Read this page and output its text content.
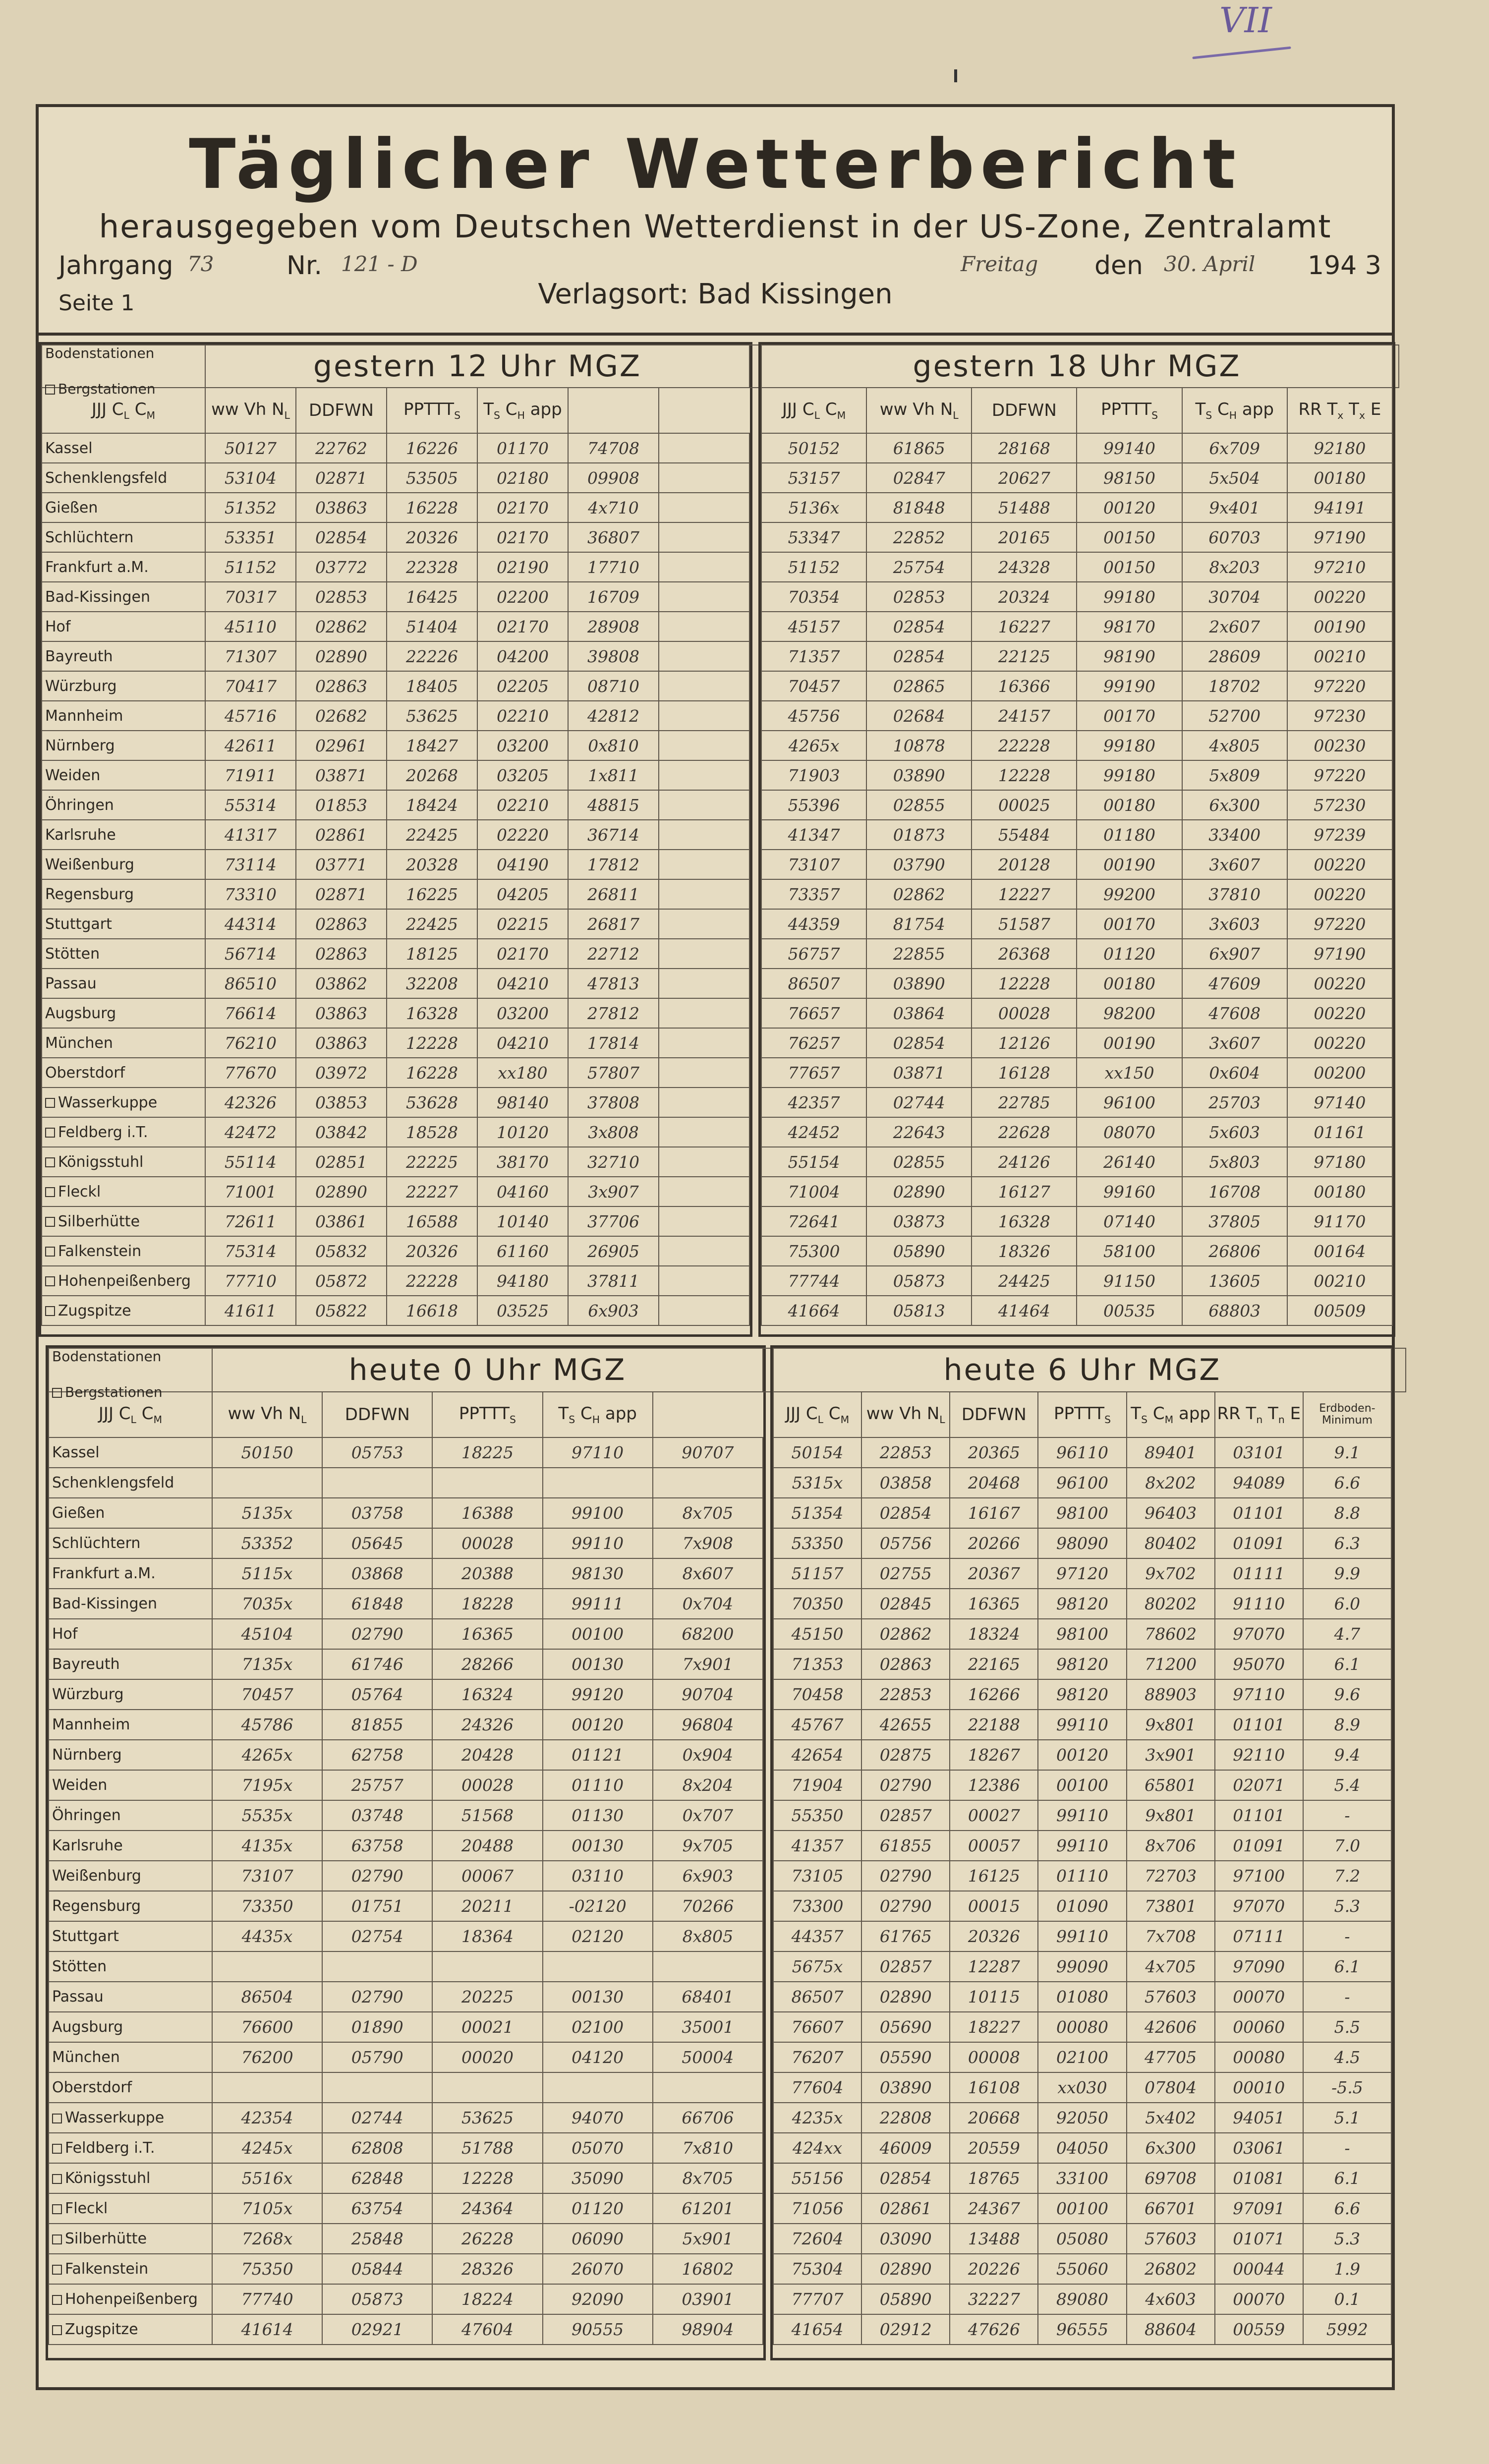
VII
Täglicher Wetterbericht
herausgegeben vom Deutschen Wetterdienst in der US-Zone, Zentralamt
Jahrgang 73	Nr. 121 - D
Seite 1
Freitag den 30. April 194 3
Verlagsort: Bad Kissingen
Bodenstationen
Bergstationen
gestern 12 Uhr MGZ					
JJJ $C_L$ $C_M$	ww Vh $N_L$	DDFWN	$PPTTT_S$	$T_S$ $C_H$ app		
Kassel	50127	22762	16226	01170	74708	
Schenklengsfeld	53104	02871	53505	02180	09908	
Gießen	51352	03863	16228	02170	4x710	
Schlüchtern	53351	02854	20326	02170	36807	
Frankfurt a.M.	51152	03772	22328	02190	17710	
Bad-Kissingen	70317	02853	16425	02200	16709	
Hof	45110	02862	51404	02170	28908	
Bayreuth	71307	02890	22226	04200	39808	
Würzburg	70417	02863	18405	02205	08710	
Mannheim	45716	02682	53625	02210	42812	
Nürnberg	42611	02961	18427	03200	0x810	
Weiden	71911	03871	20268	03205	1x811	
Öhringen	55314	01853	18424	02210	48815	
Karlsruhe	41317	02861	22425	02220	36714	
Weißenburg	73114	03771	20328	04190	17812	
Regensburg	73310	02871	16225	04205	26811	
Stuttgart	44314	02863	22425	02215	26817	
Stötten	56714	02863	18125	02170	22712	
Passau	86510	03862	32208	04210	47813	
Augsburg	76614	03863	16328	03200	27812	
München	76210	03863	12228	04210	17814	
Oberstdorf	77670	03972	16228	xx180	57807	
Wasserkuppe	42326	03853	53628	98140	37808	
Feldberg i.T.	42472	03842	18528	10120	3x808	
Königsstuhl	55114	02851	22225	38170	32710	
Fleckl	71001	02890	22227	04160	3x907	
Silberhütte	72611	03861	16588	10140	37706	
Falkenstein	75314	05832	20326	61160	26905	
Hohenpeißenberg	77710	05872	22228	94180	37811	
Zugspitze	41611	05822	16618	03525	6x903	
gestern 18 Uhr MGZ					
JJJ $C_L$ $C_M$	ww Vh $N_L$	DDFWN	$PPTTT_S$	$T_S$ $C_H$ app	RR $T_x$ $T_x$ E
50152	61865	28168	99140	6x709	92180
53157	02847	20627	98150	5x504	00180
5136x	81848	51488	00120	9x401	94191
53347	22852	20165	00150	60703	97190
51152	25754	24328	00150	8x203	97210
70354	02853	20324	99180	30704	00220
45157	02854	16227	98170	2x607	00190
71357	02854	22125	98190	28609	00210
70457	02865	16366	99190	18702	97220
45756	02684	24157	00170	52700	97230
4265x	10878	22228	99180	4x805	00230
71903	03890	12228	99180	5x809	97220
55396	02855	00025	00180	6x300	57230
41347	01873	55484	01180	33400	97239
73107	03790	20128	00190	3x607	00220
73357	02862	12227	99200	37810	00220
44359	81754	51587	00170	3x603	97220
56757	22855	26368	01120	6x907	97190
86507	03890	12228	00180	47609	00220
76657	03864	00028	98200	47608	00220
76257	02854	12126	00190	3x607	00220
77657	03871	16128	xx150	0x604	00200
42357	02744	22785	96100	25703	97140
42452	22643	22628	08070	5x603	01161
55154	02855	24126	26140	5x803	97180
71004	02890	16127	99160	16708	00180
72641	03873	16328	07140	37805	91170
75300	05890	18326	58100	26806	00164
77744	05873	24425	91150	13605	00210
41664	05813	41464	00535	68803	00509
Bodenstationen
Bergstationen
heute 0 Uhr MGZ				
JJJ $C_L$ $C_M$	ww Vh $N_L$	DDFWN	$PPTTT_S$	$T_S$ $C_H$ app	
Kassel	50150	05753	18225	97110	90707
Schenklengsfeld					
Gießen	5135x	03758	16388	99100	8x705
Schlüchtern	53352	05645	00028	99110	7x908
Frankfurt a.M.	5115x	03868	20388	98130	8x607
Bad-Kissingen	7035x	61848	18228	99111	0x704
Hof	45104	02790	16365	00100	68200
Bayreuth	7135x	61746	28266	00130	7x901
Würzburg	70457	05764	16324	99120	90704
Mannheim	45786	81855	24326	00120	96804
Nürnberg	4265x	62758	20428	01121	0x904
Weiden	7195x	25757	00028	01110	8x204
Öhringen	5535x	03748	51568	01130	0x707
Karlsruhe	4135x	63758	20488	00130	9x705
Weißenburg	73107	02790	00067	03110	6x903
Regensburg	73350	01751	20211	-02120	70266
Stuttgart	4435x	02754	18364	02120	8x805
Stötten					
Passau	86504	02790	20225	00130	68401
Augsburg	76600	01890	00021	02100	35001
München	76200	05790	00020	04120	50004
Oberstdorf					
Wasserkuppe	42354	02744	53625	94070	66706
Feldberg i.T.	4245x	62808	51788	05070	7x810
Königsstuhl	5516x	62848	12228	35090	8x705
Fleckl	7105x	63754	24364	01120	61201
Silberhütte	7268x	25848	26228	06090	5x901
Falkenstein	75350	05844	28326	26070	16802
Hohenpeißenberg	77740	05873	18224	92090	03901
Zugspitze	41614	02921	47604	90555	98904
heute 6 Uhr MGZ						
JJJ $C_L$ $C_M$	ww Vh $N_L$	DDFWN	$PPTTT_S$	$T_S$ $C_M$ app	RR $T_n$ $T_n$ E	Erdboden-Minimum
50154	22853	20365	96110	89401	03101	9.1
5315x	03858	20468	96100	8x202	94089	6.6
51354	02854	16167	98100	96403	01101	8.8
53350	05756	20266	98090	80402	01091	6.3
51157	02755	20367	97120	9x702	01111	9.9
70350	02845	16365	98120	80202	91110	6.0
45150	02862	18324	98100	78602	97070	4.7
71353	02863	22165	98120	71200	95070	6.1
70458	22853	16266	98120	88903	97110	9.6
45767	42655	22188	99110	9x801	01101	8.9
42654	02875	18267	00120	3x901	92110	9.4
71904	02790	12386	00100	65801	02071	5.4
55350	02857	00027	99110	9x801	01101	-
41357	61855	00057	99110	8x706	01091	7.0
73105	02790	16125	01110	72703	97100	7.2
73300	02790	00015	01090	73801	97070	5.3
44357	61765	20326	99110	7x708	07111	-
5675x	02857	12287	99090	4x705	97090	6.1
86507	02890	10115	01080	57603	00070	-
76607	05690	18227	00080	42606	00060	5.5
76207	05590	00008	02100	47705	00080	4.5
77604	03890	16108	xx030	07804	00010	-5.5
4235x	22808	20668	92050	5x402	94051	5.1
424xx	46009	20559	04050	6x300	03061	-
55156	02854	18765	33100	69708	01081	6.1
71056	02861	24367	00100	66701	97091	6.6
72604	03090	13488	05080	57603	01071	5.3
75304	02890	20226	55060	26802	00044	1.9
77707	05890	32227	89080	4x603	00070	0.1
41654	02912	47626	96555	88604	00559	5992
